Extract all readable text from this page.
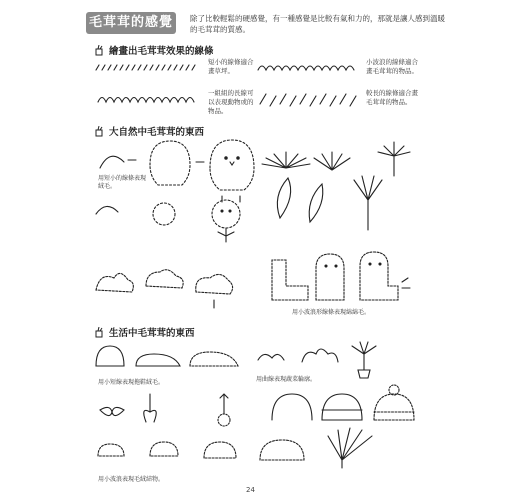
毛茸茸的感覺	除了比較輕鬆的硬感覺，有一種感覺是比較有氣和力的，那就是讓人感到溫暖的毛茸茸的質感。
繪畫出毛茸茸效果的線條
大自然中毛茸茸的東西
生活中毛茸茸的東西
短小的線條適合畫草坪。
小波浪的線條適合畫毛茸茸的物品。
一組組的長線可以表現動物或的物品。
較長的線條適合畫毛茸茸的物品。
用短小的線條表現絨毛。
用小波浪形線條表現綿綿毛。
用小短線表現拖鞋絨毛。	用曲線表現蔬菜輪廓。
用小波浪表現毛絨結物。
24
